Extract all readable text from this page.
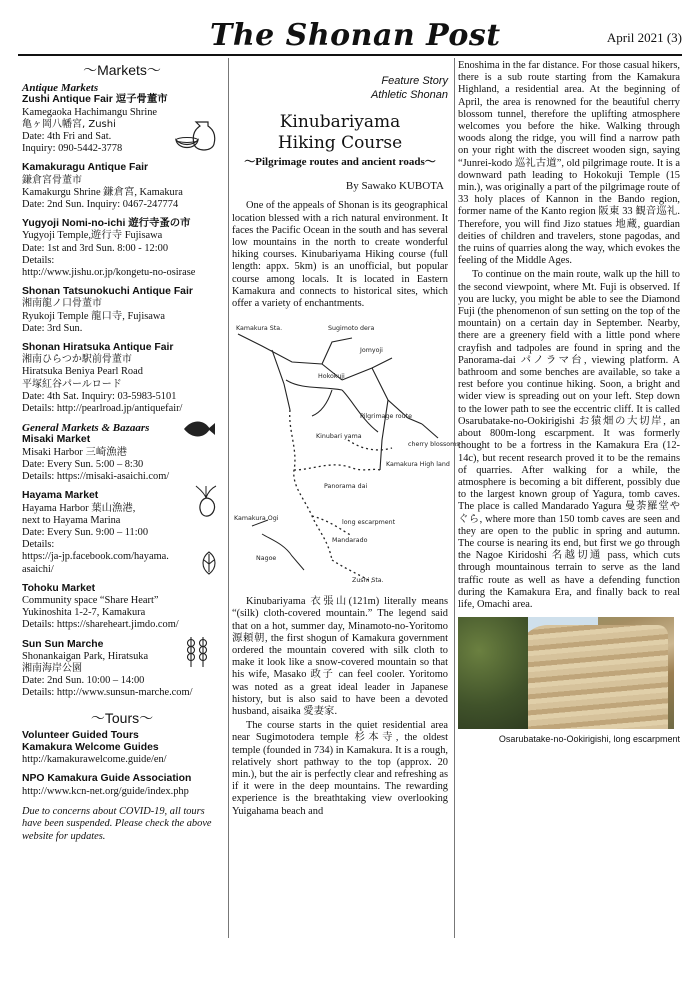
The Shonan Post	April 2021 (3)
～Markets～
Antique Markets
Zushi Antique Fair 逗子骨董市
Kamegaoka Hachimangu Shrine
亀ヶ岡八幡宮, Zushi
Date: 4th Fri and Sat.
Inquiry: 090-5442-3778
Kamakuragu Antique Fair
鎌倉宮骨董市
Kamakurgu Shrine 鎌倉宮, Kamakura
Date: 2nd Sun. Inquiry: 0467-247774
Yugyoji Nomi-no-ichi 遊行寺蚤の市
Yugyoji Temple,遊行寺 Fujisawa
Date: 1st and 3rd Sun. 8:00 - 12:00
Details:
http://www.jishu.or.jp/kongetu-no-osirase
Shonan Tatsunokuchi Antique Fair
湘南龍ノ口骨董市
Ryukoji Temple 龍口寺, Fujisawa
Date: 3rd Sun.
Shonan Hiratsuka Antique Fair
湘南ひらつか駅前骨董市
Hiratsuka Beniya Pearl Road
平塚紅谷パールロード
Date: 4th Sat. Inquiry: 03-5983-5101
Details: http://pearlroad.jp/antiquefair/
General Markets & Bazaars
Misaki Market
Misaki Harbor 三崎漁港
Date: Every Sun. 5:00 – 8:30
Details: https://misaki-asaichi.com/
Hayama Market
Hayama Harbor 葉山漁港,
next to Hayama Marina
Date: Every Sun. 9:00 – 11:00
Details:
https://ja-jp.facebook.com/hayama.
asaichi/
Tohoku Market
Community space “Share Heart”
Yukinoshita 1-2-7, Kamakura
Details: https://shareheart.jimdo.com/
Sun Sun Marche
Shonankaigan Park, Hiratsuka
湘南海岸公園
Date: 2nd Sun. 10:00 – 14:00
Details: http://www.sunsun-marche.com/
～Tours～
Volunteer Guided Tours
Kamakura Welcome Guides
http://kamakurawelcome.guide/en/
NPO Kamakura Guide Association
http://www.kcn-net.org/guide/index.php
Due to concerns about COVID-19, all tours have been suspended. Please check the above website for updates.
Feature Story
Athletic Shonan
Kinubariyama
Hiking Course
～Pilgrimage routes and ancient roads～
By Sawako KUBOTA

One of the appeals of Shonan is its geographical location blessed with a rich natural environment. It faces the Pacific Ocean in the south and has several low mountains in the north to create wonderful hiking courses. Kinubariyama Hiking course (full length: appx. 5km) is an unofficial, but popular course among locals. It is located in Eastern Kamakura and connects to historical sites, which offer a variety of enchantments.

Kamakura Sta.	Sugimoto dera
Jomyoji
Hokokuji
Kinubari yama
Pilgrimage route
cherry blossoms
Kamakura High land
Panorama dai
long escarpment
Mandarado
Nagoe
Kamakura Ogi
Zushi Sta.

Kinubariyama 衣張山(121m) literally means “(silk) cloth-covered mountain.” The legend said that on a hot, summer day, Minamoto-no-Yoritomo 源頼朝, the first shogun of Kamakura government ordered the mountain covered with silk cloth to make it look like a snow-covered mountain so that his wife, Masako 政子 can feel cooler. Yoritomo was noted as a great ideal leader in Japanese history, but is also said to have been a devoted husband, aisaika 愛妻家.

The course starts in the quiet residential area near Sugimotodera temple 杉本寺, the oldest temple (founded in 734) in Kamakura. It is a rough, relatively short pathway to the top (approx. 20 min.), but the air is perfectly clear and refreshing as if it were in the deep mountains. The rewarding experience is the breathtaking view overlooking Yuigahama beach and

Enoshima in the far distance. For those casual hikers, there is a sub route starting from the Kamakura Highland, a residential area. At the beginning of April, the area is renowned for the beautiful cherry blossom tunnel, therefore the uplifting atmosphere welcomes you before the hike. Walking through woods along the ridge, you will find a narrow path on your right with the discreet wooden sign, saying “Junrei-kodo 巡礼古道”, old pilgrimage route. It is a downward path leading to Hokokuji Temple (15 min.), was originally a part of the pilgrimage route of 33 holy places of Kannon in the Bando region, former name of the Kanto region 阪東 33 観音巡礼. Therefore, you will find Jizo statues 地蔵, guardian deities of children and travelers, stone pagodas, and the ruins of quarries along the way, which evokes the feeling of the Middle Ages.

To continue on the main route, walk up the hill to the second viewpoint, where Mt. Fuji is observed. If you are lucky, you might be able to see the Diamond Fuji (the phenomenon of sun setting on the top of the mountain) on a certain day in September. Nearby, there are a greenery field with a little pond where crayfish and tadpoles are found in spring and the Panorama-dai パノラマ台, viewing platform. A bathroom and some benches are available, so take a rest before you continue hiking. Soon, a bright and wider view is spreading out on your left. Step down to the lower path to see the eccentric cliff. It is called Osarubatake-no-Ookirigishi お猿畑の大切岸, an about 800m-long escarpment. It was formerly thought to be a fortress in the Kamakura Era (12-14c), but recent research proved it to be the remains of quarries. After walking for a while, the atmosphere is becoming a bit different, possibly due to the largest known group of Yagura, tomb caves. The place is called Mandarado Yagura 曼荼羅堂やぐら, where more than 150 tomb caves are seen and they are open to the public in spring and autumn. The course is nearing its end, but first we go through the Nagoe Kiridoshi 名越切通 pass, which cuts through mountainous terrain to serve as the land traffic route as well as have a defending function during the Kamakura Era, and finally back to real life, Omachi area.

Osarubatake-no-Ookirigishi, long escarpment
